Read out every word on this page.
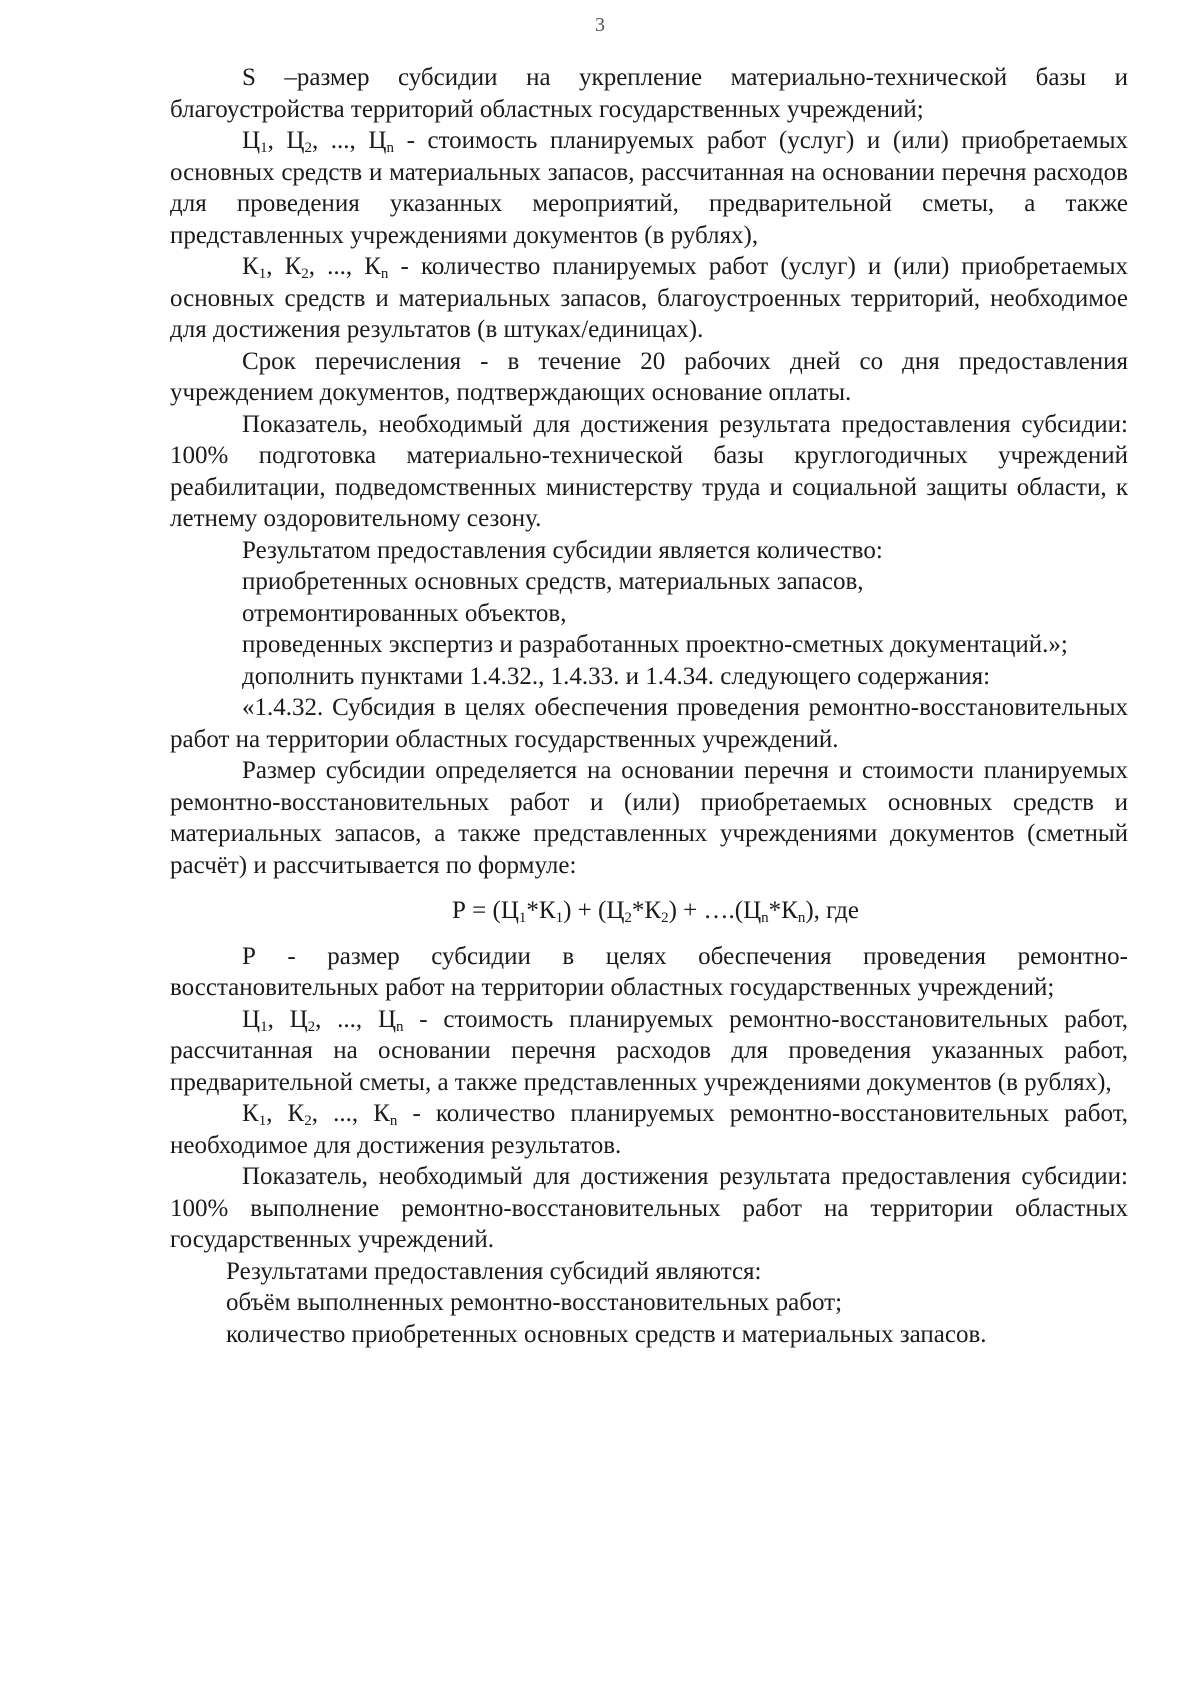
3

S –размер субсидии на укрепление материально-технической базы и благоустройства территорий областных государственных учреждений;

$Ц_1$, $Ц_2$, ..., $Ц_n$ - стоимость планируемых работ (услуг) и (или) приобретаемых основных средств и материальных запасов, рассчитанная на основании перечня расходов для проведения указанных мероприятий, предварительной сметы, а также представленных учреждениями документов (в рублях),

$К_1$, $К_2$, ..., $К_n$ - количество планируемых работ (услуг) и (или) приобретаемых основных средств и материальных запасов, благоустроенных территорий, необходимое для достижения результатов (в штуках/единицах).

Срок перечисления - в течение 20 рабочих дней со дня предоставления учреждением документов, подтверждающих основание оплаты.

Показатель, необходимый для достижения результата предоставления субсидии: 100% подготовка материально-технической базы круглогодичных учреждений реабилитации, подведомственных министерству труда и социальной защиты области, к летнему оздоровительному сезону.

Результатом предоставления субсидии является количество:

приобретенных основных средств, материальных запасов,

отремонтированных объектов,

проведенных экспертиз и разработанных проектно-сметных документаций.»;

дополнить пунктами 1.4.32., 1.4.33. и 1.4.34. следующего содержания:

«1.4.32. Субсидия в целях обеспечения проведения ремонтно-восстановительных работ на территории областных государственных учреждений.

Размер субсидии определяется на основании перечня и стоимости планируемых ремонтно-восстановительных работ и (или) приобретаемых основных средств и материальных запасов, а также представленных учреждениями документов (сметный расчёт) и рассчитывается по формуле:

$Р = (Ц_1*К_1) + (Ц_2*К_2)$ + $\dots.(Ц_n*К_n)$, где

Р - размер субсидии в целях обеспечения проведения ремонтно-восстановительных работ на территории областных государственных учреждений;

$Ц_1$, $Ц_2$, ..., $Ц_n$ - стоимость планируемых ремонтно-восстановительных работ, рассчитанная на основании перечня расходов для проведения указанных работ, предварительной сметы, а также представленных учреждениями документов (в рублях),

$К_1$, $К_2$, ..., $К_n$ - количество планируемых ремонтно-восстановительных работ, необходимое для достижения результатов.

Показатель, необходимый для достижения результата предоставления субсидии: 100% выполнение ремонтно-восстановительных работ на территории областных государственных учреждений.

Результатами предоставления субсидий являются:

объём выполненных ремонтно-восстановительных работ;

количество приобретенных основных средств и материальных запасов.
